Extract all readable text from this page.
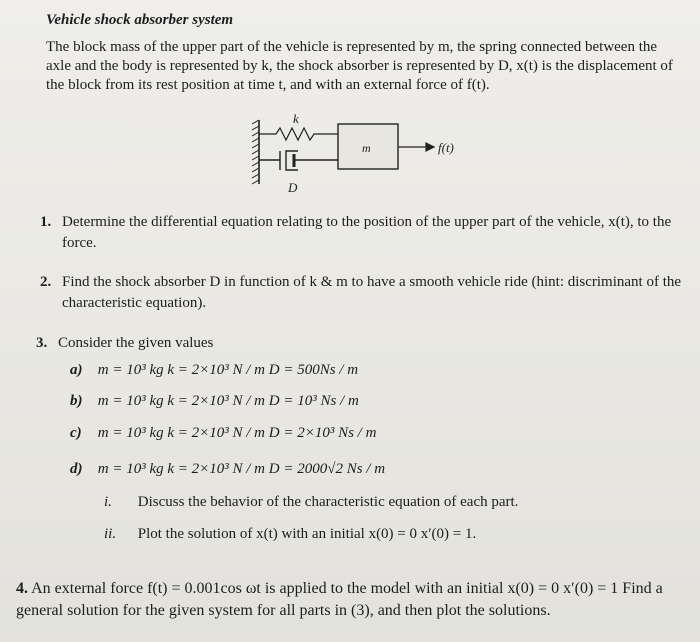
Vehicle shock absorber system
The block mass of the upper part of the vehicle is represented by m, the spring connected between the axle and the body is represented by k, the shock absorber is represented by D, x(t) is the displacement of the block from its rest position at time t, and with an external force of f(t).
k
m	f(t)
D
1. Determine the differential equation relating to the position of the upper part of the vehicle, x(t), to the force.
2. Find the shock absorber D in function of k & m to have a smooth vehicle ride (hint: discriminant of the characteristic equation).
3. Consider the given values
a) m = 10³ kg k = 2×10³ N / m D = 500Ns / m
b) m = 10³ kg k = 2×10³ N / m D = 10³ Ns / m
c) m = 10³ kg k = 2×10³ N / m D = 2×10³ Ns / m
d) m = 10³ kg k = 2×10³ N / m D = 2000√2 Ns / m
i. Discuss the behavior of the characteristic equation of each part.
ii. Plot the solution of x(t) with an initial x(0) = 0 x′(0) = 1.
4. An external force f(t) = 0.001cos ωt is applied to the model with an initial x(0) = 0 x′(0) = 1 Find a general solution for the given system for all parts in (3), and then plot the solutions.
